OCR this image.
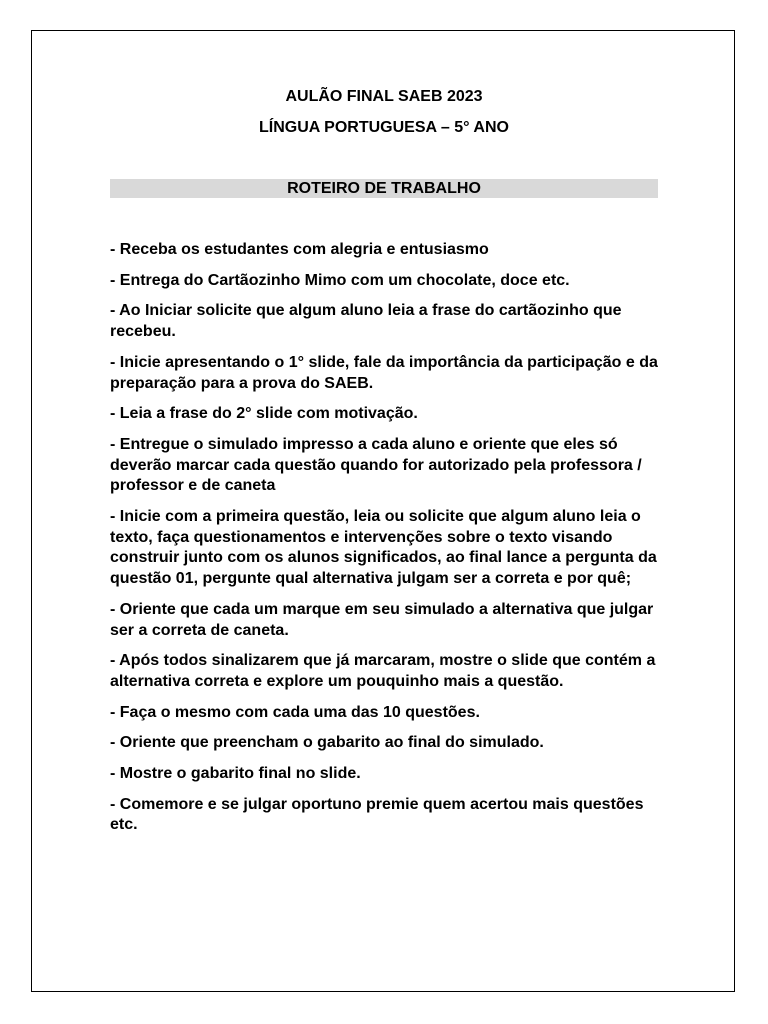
AULÃO FINAL SAEB 2023
LÍNGUA PORTUGUESA – 5° ANO
ROTEIRO DE TRABALHO
- Receba os estudantes com alegria e entusiasmo
- Entrega do Cartãozinho Mimo com um chocolate, doce etc.
- Ao Iniciar solicite que algum aluno leia a frase do cartãozinho que recebeu.
- Inicie apresentando o 1° slide, fale da importância da participação e da preparação para a prova do SAEB.
- Leia a frase do 2° slide com motivação.
- Entregue o simulado impresso a cada aluno e oriente que eles só deverão marcar cada questão quando for autorizado pela professora / professor e de caneta
- Inicie com a primeira questão, leia ou solicite que algum aluno leia o texto, faça questionamentos e intervenções sobre o texto visando construir junto com os alunos significados, ao final lance a pergunta da questão 01, pergunte qual alternativa julgam ser a correta e por quê;
- Oriente que cada um marque em seu simulado a alternativa que julgar ser a correta de caneta.
- Após todos sinalizarem que já marcaram, mostre o slide que contém a alternativa correta e explore um pouquinho mais a questão.
- Faça o mesmo com cada uma das 10 questões.
- Oriente que preencham o gabarito ao final do simulado.
- Mostre o gabarito final no slide.
- Comemore e se julgar oportuno premie quem acertou mais questões etc.
